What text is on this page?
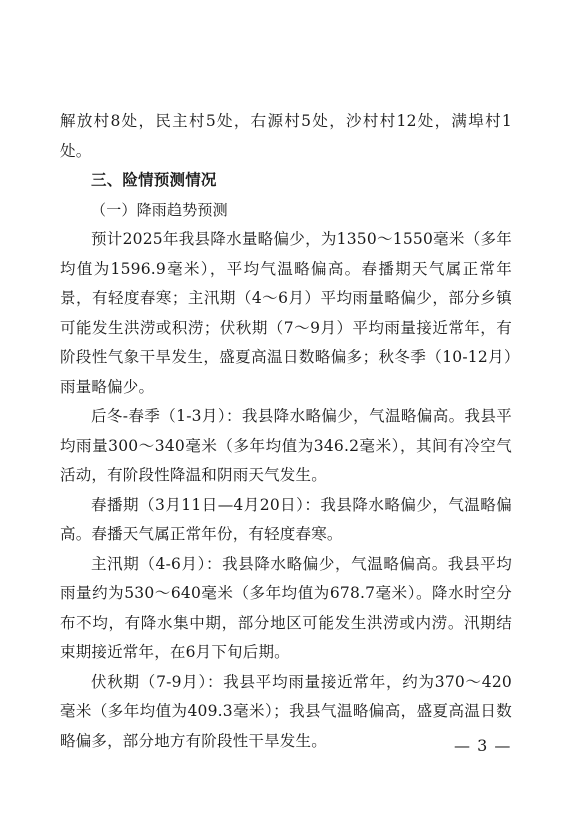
解放村8处，民主村5处，右源村5处，沙村村12处，满埠村1处。

三、险情预测情况

（一）降雨趋势预测

预计2025年我县降水量略偏少，为1350～1550毫米（多年均值为1596.9毫米），平均气温略偏高。春播期天气属正常年景，有轻度春寒；主汛期（4～6月）平均雨量略偏少，部分乡镇可能发生洪涝或积涝；伏秋期（7～9月）平均雨量接近常年，有阶段性气象干旱发生，盛夏高温日数略偏多；秋冬季（10-12月）雨量略偏少。

后冬-春季（1-3月）：我县降水略偏少，气温略偏高。我县平均雨量300～340毫米（多年均值为346.2毫米），其间有冷空气活动，有阶段性降温和阴雨天气发生。

春播期（3月11日—4月20日）：我县降水略偏少，气温略偏高。春播天气属正常年份，有轻度春寒。

主汛期（4-6月）：我县降水略偏少，气温略偏高。我县平均雨量约为530～640毫米（多年均值为678.7毫米）。降水时空分布不均，有降水集中期，部分地区可能发生洪涝或内涝。汛期结束期接近常年，在6月下旬后期。

伏秋期（7-9月）：我县平均雨量接近常年，约为370～420毫米（多年均值为409.3毫米）；我县气温略偏高，盛夏高温日数略偏多，部分地方有阶段性干旱发生。	— 3 —
